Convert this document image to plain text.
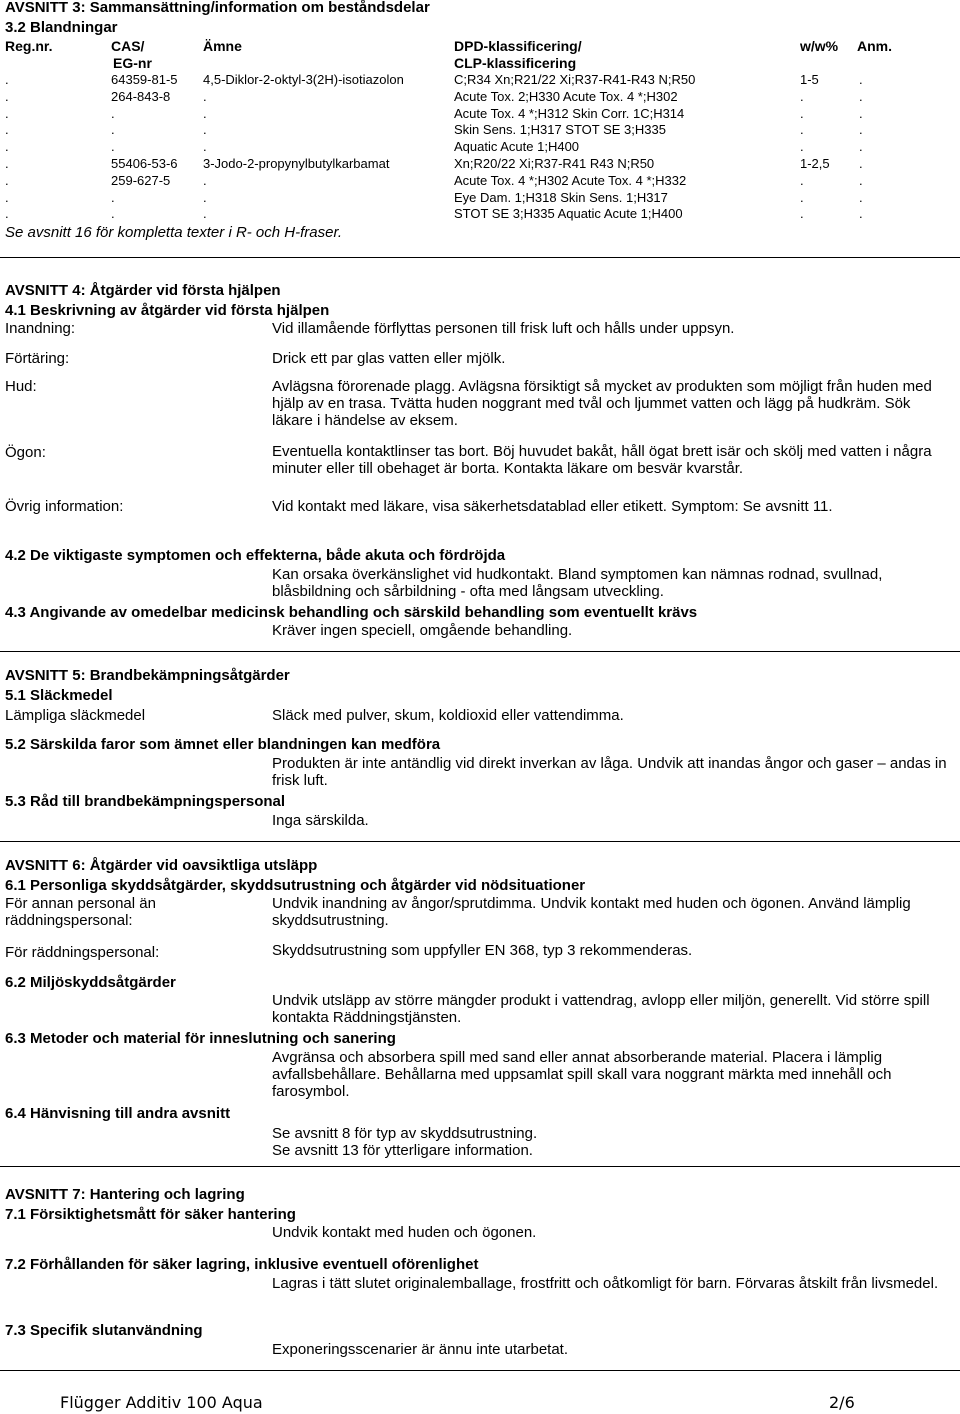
AVSNITT 3: Sammansättning/information om beståndsdelar
3.2 Blandningar
Reg.nr.	CAS/
EG-nr
Ämne	DPD-klassificering/
CLP-klassificering
w/w% Anm.
.	64359-81-5 4,5-Diklor-2-oktyl-3(2H)-isotiazolon	C;R34 Xn;R21/22 Xi;R37-R41-R43 N;R50	1-5	.
.	264-843-8	.	Acute Tox. 2;H330 Acute Tox. 4 *;H302	.	.
.	.	.	Acute Tox. 4 *;H312 Skin Corr. 1C;H314	.	.
.	.	.	Skin Sens. 1;H317 STOT SE 3;H335	.	.
.	.	.	Aquatic Acute 1;H400	.	.
.	55406-53-6 3-Jodo-2-propynylbutylkarbamat	Xn;R20/22 Xi;R37-R41 R43 N;R50	1-2,5 .
.	259-627-5	.	Acute Tox. 4 *;H302 Acute Tox. 4 *;H332	.	.
.	.	.	Eye Dam. 1;H318 Skin Sens. 1;H317	.	.
.	.	.	STOT SE 3;H335 Aquatic Acute 1;H400	.	.
Se avsnitt 16 för kompletta texter i R- och H-fraser.
AVSNITT 4: Åtgärder vid första hjälpen
4.1 Beskrivning av åtgärder vid första hjälpen
Inandning:	Vid illamående förflyttas personen till frisk luft och hålls under uppsyn.
Förtäring:	Drick ett par glas vatten eller mjölk.
Hud:	Avlägsna förorenade plagg. Avlägsna försiktigt så mycket av produkten som möjligt från huden med hjälp av en trasa. Tvätta huden noggrant med tvål och ljummet vatten och lägg på hudkräm. Sök läkare i händelse av eksem.
Ögon:	Eventuella kontaktlinser tas bort. Böj huvudet bakåt, håll ögat brett isär och skölj med vatten i några minuter eller till obehaget är borta. Kontakta läkare om besvär kvarstår.
Övrig information:	Vid kontakt med läkare, visa säkerhetsdatablad eller etikett. Symptom: Se avsnitt 11.
4.2 De viktigaste symptomen och effekterna, både akuta och fördröjda
Kan orsaka överkänslighet vid hudkontakt. Bland symptomen kan nämnas rodnad, svullnad, blåsbildning och sårbildning - ofta med långsam utveckling.
4.3 Angivande av omedelbar medicinsk behandling och särskild behandling som eventuellt krävs
Kräver ingen speciell, omgående behandling.
AVSNITT 5: Brandbekämpningsåtgärder
5.1 Släckmedel
Lämpliga släckmedel	Släck med pulver, skum, koldioxid eller vattendimma.
5.2 Särskilda faror som ämnet eller blandningen kan medföra
Produkten är inte antändlig vid direkt inverkan av låga. Undvik att inandas ångor och gaser – andas in frisk luft.
5.3 Råd till brandbekämpningspersonal
Inga särskilda.
AVSNITT 6: Åtgärder vid oavsiktliga utsläpp
6.1 Personliga skyddsåtgärder, skyddsutrustning och åtgärder vid nödsituationer
För annan personal än räddningspersonal:
Undvik inandning av ångor/sprutdimma. Undvik kontakt med huden och ögonen. Använd lämplig skyddsutrustning.
För räddningspersonal:	Skyddsutrustning som uppfyller EN 368, typ 3 rekommenderas.
6.2 Miljöskyddsåtgärder
Undvik utsläpp av större mängder produkt i vattendrag, avlopp eller miljön, generellt. Vid större spill kontakta Räddningstjänsten.
6.3 Metoder och material för inneslutning och sanering
Avgränsa och absorbera spill med sand eller annat absorberande material. Placera i lämplig avfallsbehållare. Behållarna med uppsamlat spill skall vara noggrant märkta med innehåll och farosymbol.
6.4 Hänvisning till andra avsnitt
Se avsnitt 8 för typ av skyddsutrustning.
Se avsnitt 13 för ytterligare information.
AVSNITT 7: Hantering och lagring
7.1 Försiktighetsmått för säker hantering
Undvik kontakt med huden och ögonen.
7.2 Förhållanden för säker lagring, inklusive eventuell oförenlighet
Lagras i tätt slutet originalemballage, frostfritt och oåtkomligt för barn. Förvaras åtskilt från livsmedel.
7.3 Specifik slutanvändning
Exponeringsscenarier är ännu inte utarbetat.
Flügger Additiv 100 Aqua	2/6
